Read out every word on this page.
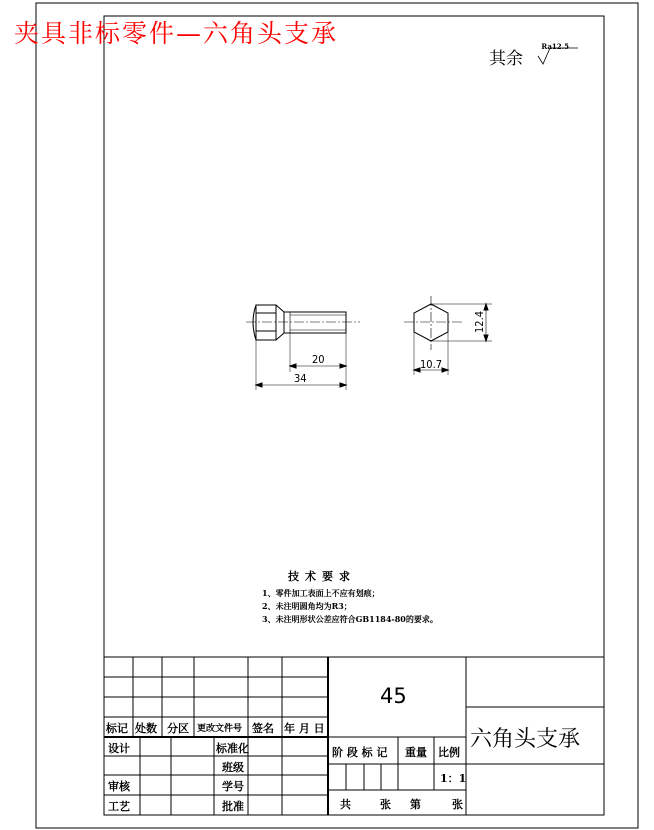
20
34
10.7
12.4
夹具非标零件—六角头支承
其余
Ra12.5
技术要求
1、零件加工表面上不应有划痕；
2、未注明圆角均为R3；
3、未注明形状公差应符合GB1184-80的要求。
标记 处数 分区 更改文件号 签名 年 月 日
设计	标准化
班级
审核	学号
工艺	批准
45
阶 段 标 记 重量 比例
1：1
共	张 第	张
六角头支承
